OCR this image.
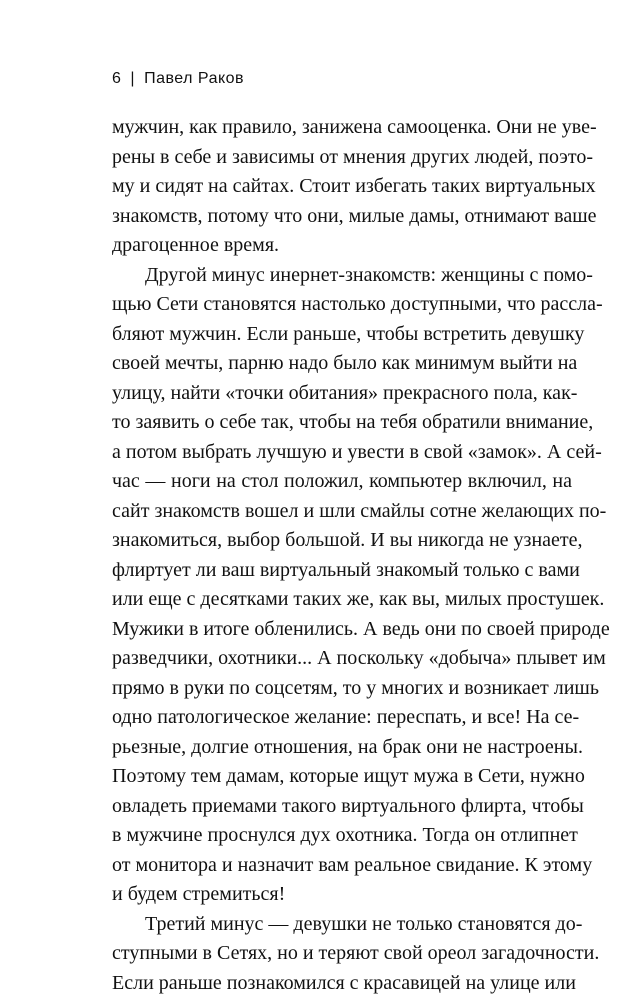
6 | Павел Раков
мужчин, как правило, занижена самооценка. Они не уве-
рены в себе и зависимы от мнения других людей, поэто-
му и сидят на сайтах. Стоит избегать таких виртуальных
знакомств, потому что они, милые дамы, отнимают ваше
драгоценное время.
Другой минус инернет-знакомств: женщины с помо-
щью Сети становятся настолько доступными, что рассла-
бляют мужчин. Если раньше, чтобы встретить девушку
своей мечты, парню надо было как минимум выйти на
улицу, найти «точки обитания» прекрасного пола, как-
то заявить о себе так, чтобы на тебя обратили внимание,
а потом выбрать лучшую и увести в свой «замок». А сей-
час — ноги на стол положил, компьютер включил, на
сайт знакомств вошел и шли смайлы сотне желающих по-
знакомиться, выбор большой. И вы никогда не узнаете,
флиртует ли ваш виртуальный знакомый только с вами
или еще с десятками таких же, как вы, милых простушек.
Мужики в итоге обленились. А ведь они по своей природе
разведчики, охотники... А поскольку «добыча» плывет им
прямо в руки по соцсетям, то у многих и возникает лишь
одно патологическое желание: переспать, и все! На се-
рьезные, долгие отношения, на брак они не настроены.
Поэтому тем дамам, которые ищут мужа в Сети, нужно
овладеть приемами такого виртуального флирта, чтобы
в мужчине проснулся дух охотника. Тогда он отлипнет
от монитора и назначит вам реальное свидание. К этому
и будем стремиться!
Третий минус — девушки не только становятся до-
ступными в Сетях, но и теряют свой ореол загадочности.
Если раньше познакомился с красавицей на улице или
